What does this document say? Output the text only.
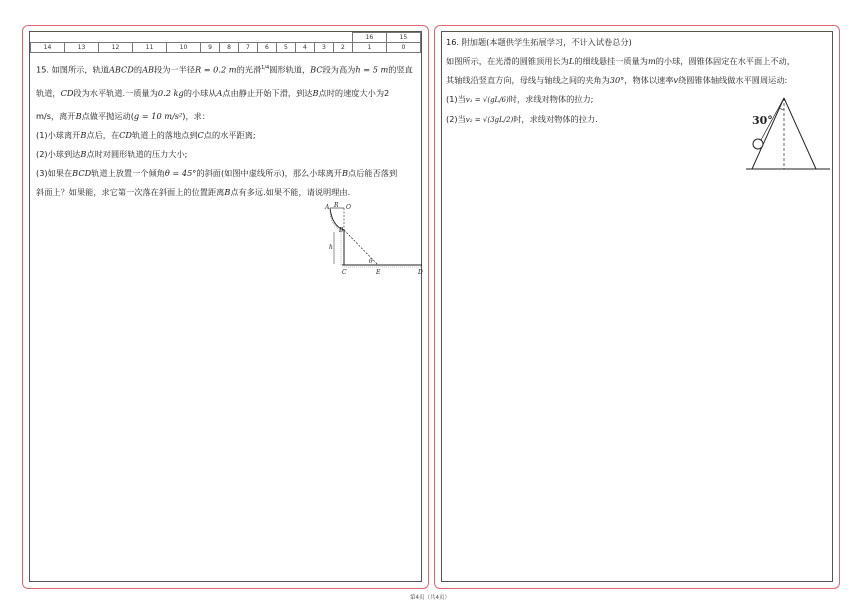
													16	15
14	13	12	11	10	9	8	7	6	5	4	3	2	1	0

15. 如图所示，轨道ABCD的AB段为一半径R = 0.2 m的光滑$^{1/4}$圆形轨道，BC段为高为h = 5 m的竖直

轨道，CD段为水平轨道.一质量为0.2 kg的小球从A点由静止开始下滑，到达B点时的速度大小为2

m/s，离开B点做平抛运动(g = 10 m/s²)，求：

(1)小球离开B点后，在CD轨道上的落地点到C点的水平距离;

(2)小球到达B点时对圆形轨道的压力大小;

(3)如果在BCD轨道上放置一个倾角θ = 45°的斜面(如图中虚线所示)，那么小球离开B点后能否落到

斜面上？如果能，求它第一次落在斜面上的位置距离B点有多远.如果不能，请说明理由.

A R O
B
h
C	E	D
θ

16. 附加题(本题供学生拓展学习，不计入试卷总分)

如图所示，在光滑的圆锥顶用长为L的细线悬挂一质量为m的小球，圆锥体固定在水平面上不动，

其轴线沿竖直方向，母线与轴线之间的夹角为30°，物体以速率v绕圆锥体轴线做水平圆周运动:

(1)当v₁ = √(gL/6)时，求线对物体的拉力;

(2)当v₂ = √(3gL/2)时，求线对物体的拉力.	30°
第4页（共4页）
